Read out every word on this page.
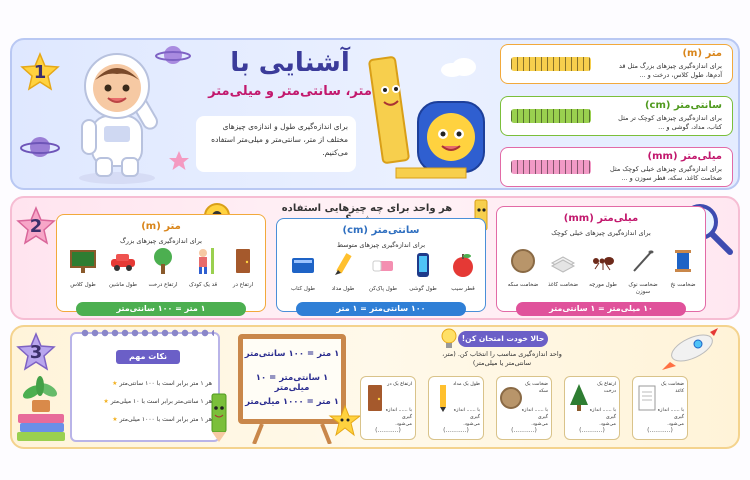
1	آشنایی با
متر، سانتی‌متر و میلی‌متر
برای اندازه‌گیری طول و اندازه‌ی چیزهای مختلف از متر، سانتی‌متر و میلی‌متر استفاده می‌کنیم.
متر (m)
برای اندازه‌گیری چیزهای بزرگ مثل قد آدم‌ها، طول کلاس، درخت و ...
سانتی‌متر (cm)
برای اندازه‌گیری چیزهای کوچک تر مثل کتاب، مداد، گوشی و ...
میلی‌متر (mm)
برای اندازه‌گیری چیزهای خیلی کوچک مثل ضخامت کاغذ، سکه، قطر سوزن و ...
2
هر واحد برای چه چیزهایی استفاده
متر (m)
برای اندازه‌گیری چیزهای بزرگ
ارتفاع در
قد یک کودک
ارتفاع درخت
طول ماشین
طول کلاس
۱ متر = ۱۰۰ سانتی‌متر
سانتی‌متر (cm)
برای اندازه‌گیری چیزهای متوسط
طول کتاب	طول مداد	طول پاک‌کن	طول گوشی	قطر سیب
۱۰۰ سانتی‌متر = ۱ متر
میلی‌متر (mm)
برای اندازه‌گیری چیزهای خیلی کوچک
ضخامت سکه	ضخامت کاغذ	طول مورچه	ضخامت نوک سوزن
ضخامت نخ
۱۰ میلی‌متر = ۱ سانتی‌متر
3	نکات مهم
هر ۱ متر برابر است با ۱۰۰ سانتی‌متر ★
هر ۱ سانتی‌متر برابر است با ۱۰ میلی‌متر ★
هر ۱ متر برابر است با ۱۰۰۰ میلی‌متر ★
۱ متر = ۱۰۰ سانتی‌متر
۱ سانتی‌متر = ۱۰ میلی‌متر
۱ متر = ۱۰۰۰ میلی‌متر
حالا خودت امتحان کن!
واحد اندازه‌گیری مناسب را انتخاب کن. (متر، سانتی‌متر یا میلی‌متر)
ارتفاع یک در
با ...... اندازه گیری می‌شود.
(...........)
طول یک مداد
با ...... اندازه گیری می‌شود.
(...........)
ضخامت یک سکه
با ...... اندازه گیری می‌شود.
(...........)
ارتفاع یک درخت
با ...... اندازه گیری می‌شود.
(...........)
ضخامت یک کاغذ
با ...... اندازه گیری می‌شود.
(...........)
